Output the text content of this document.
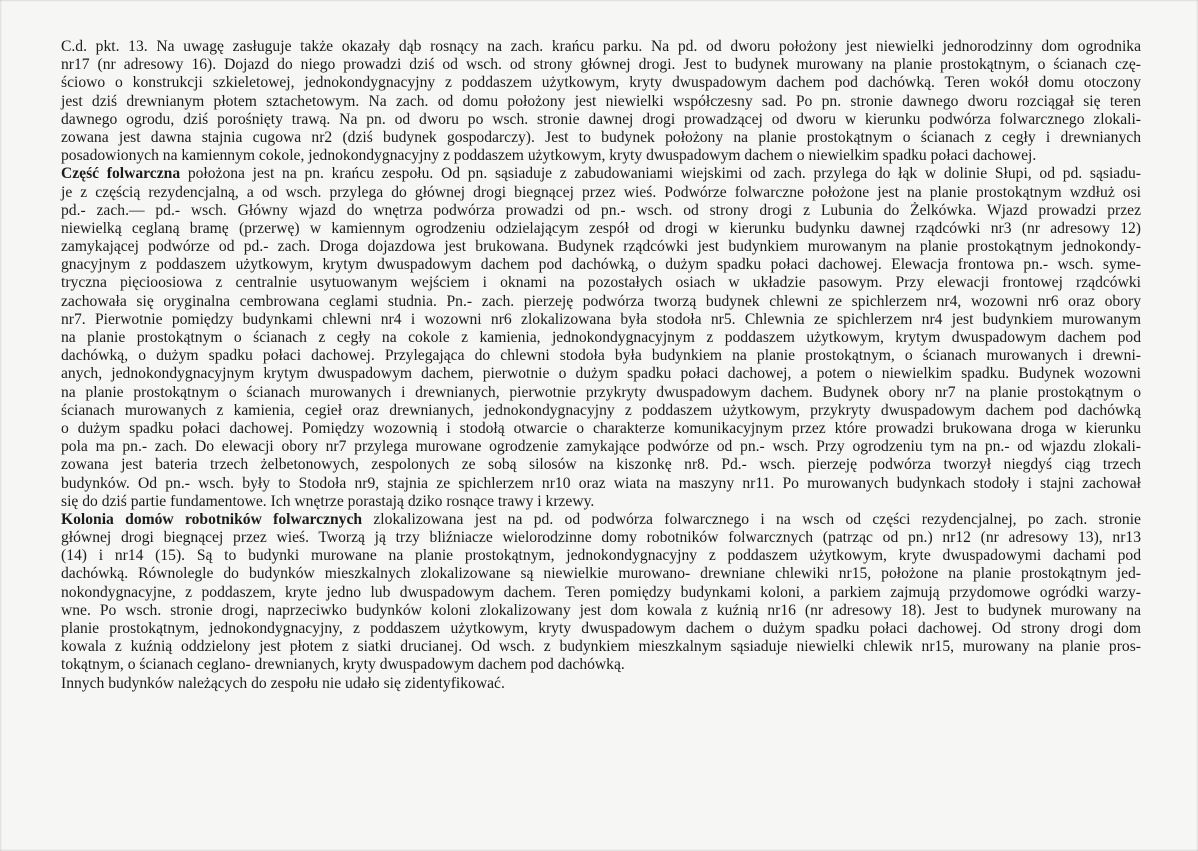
C.d. pkt. 13. Na uwagę zasługuje także okazały dąb rosnący na zach. krańcu parku. Na pd. od dworu położony jest niewielki jednorodzinny dom ogrodnika
nr17 (nr adresowy 16). Dojazd do niego prowadzi dziś od wsch. od strony głównej drogi. Jest to budynek murowany na planie prostokątnym, o ścianach czę-
ściowo o konstrukcji szkieletowej, jednokondygnacyjny z poddaszem użytkowym, kryty dwuspadowym dachem pod dachówką. Teren wokół domu otoczony
jest dziś drewnianym płotem sztachetowym. Na zach. od domu położony jest niewielki współczesny sad. Po pn. stronie dawnego dworu rozciągał się teren
dawnego ogrodu, dziś porośnięty trawą. Na pn. od dworu po wsch. stronie dawnej drogi prowadzącej od dworu w kierunku podwórza folwarcznego zlokali-
zowana jest dawna stajnia cugowa nr2 (dziś budynek gospodarczy). Jest to budynek położony na planie prostokątnym o ścianach z cegły i drewnianych
posadowionych na kamiennym cokole, jednokondygnacyjny z poddaszem użytkowym, kryty dwuspadowym dachem o niewielkim spadku połaci dachowej.
Część folwarczna położona jest na pn. krańcu zespołu. Od pn. sąsiaduje z zabudowaniami wiejskimi od zach. przylega do łąk w dolinie Słupi, od pd. sąsiadu-
je z częścią rezydencjalną, a od wsch. przylega do głównej drogi biegnącej przez wieś. Podwórze folwarczne położone jest na planie prostokątnym wzdłuż osi
pd.- zach.— pd.- wsch. Główny wjazd do wnętrza podwórza prowadzi od pn.- wsch. od strony drogi z Lubunia do Żelkówka. Wjazd prowadzi przez
niewielką ceglaną bramę (przerwę) w kamiennym ogrodzeniu odzielającym zespół od drogi w kierunku budynku dawnej rządcówki nr3 (nr adresowy 12)
zamykającej podwórze od pd.- zach. Droga dojazdowa jest brukowana. Budynek rządcówki jest budynkiem murowanym na planie prostokątnym jednokondy-
gnacyjnym z poddaszem użytkowym, krytym dwuspadowym dachem pod dachówką, o dużym spadku połaci dachowej. Elewacja frontowa pn.- wsch. syme-
tryczna pięcioosiowa z centralnie usytuowanym wejściem i oknami na pozostałych osiach w układzie pasowym. Przy elewacji frontowej rządcówki
zachowała się oryginalna cembrowana ceglami studnia. Pn.- zach. pierzeję podwórza tworzą budynek chlewni ze spichlerzem nr4, wozowni nr6 oraz obory
nr7. Pierwotnie pomiędzy budynkami chlewni nr4 i wozowni nr6 zlokalizowana była stodoła nr5. Chlewnia ze spichlerzem nr4 jest budynkiem murowanym
na planie prostokątnym o ścianach z cegły na cokole z kamienia, jednokondygnacyjnym z poddaszem użytkowym, krytym dwuspadowym dachem pod
dachówką, o dużym spadku połaci dachowej. Przylegająca do chlewni stodoła była budynkiem na planie prostokątnym, o ścianach murowanych i drewni-
anych, jednokondygnacyjnym krytym dwuspadowym dachem, pierwotnie o dużym spadku połaci dachowej, a potem o niewielkim spadku. Budynek wozowni
na planie prostokątnym o ścianach murowanych i drewnianych, pierwotnie przykryty dwuspadowym dachem. Budynek obory nr7 na planie prostokątnym o
ścianach murowanych z kamienia, cegieł oraz drewnianych, jednokondygnacyjny z poddaszem użytkowym, przykryty dwuspadowym dachem pod dachówką
o dużym spadku połaci dachowej. Pomiędzy wozownią i stodołą otwarcie o charakterze komunikacyjnym przez które prowadzi brukowana droga w kierunku
pola ma pn.- zach. Do elewacji obory nr7 przylega murowane ogrodzenie zamykające podwórze od pn.- wsch. Przy ogrodzeniu tym na pn.- od wjazdu zlokali-
zowana jest bateria trzech żelbetonowych, zespolonych ze sobą silosów na kiszonkę nr8. Pd.- wsch. pierzeję podwórza tworzył niegdyś ciąg trzech
budynków. Od pn.- wsch. były to Stodoła nr9, stajnia ze spichlerzem nr10 oraz wiata na maszyny nr11. Po murowanych budynkach stodoły i stajni zachował
się do dziś partie fundamentowe. Ich wnętrze porastają dziko rosnące trawy i krzewy.
Kolonia domów robotników folwarcznych zlokalizowana jest na pd. od podwórza folwarcznego i na wsch od części rezydencjalnej, po zach. stronie
głównej drogi biegnącej przez wieś. Tworzą ją trzy bliźniacze wielorodzinne domy robotników folwarcznych (patrząc od pn.) nr12 (nr adresowy 13), nr13
(14) i nr14 (15). Są to budynki murowane na planie prostokątnym, jednokondygnacyjny z poddaszem użytkowym, kryte dwuspadowymi dachami pod
dachówką. Równolegle do budynków mieszkalnych zlokalizowane są niewielkie murowano- drewniane chlewiki nr15, położone na planie prostokątnym jed-
nokondygnacyjne, z poddaszem, kryte jedno lub dwuspadowym dachem. Teren pomiędzy budynkami koloni, a parkiem zajmują przydomowe ogródki warzy-
wne. Po wsch. stronie drogi, naprzeciwko budynków koloni zlokalizowany jest dom kowala z kuźnią nr16 (nr adresowy 18). Jest to budynek murowany na
planie prostokątnym, jednokondygnacyjny, z poddaszem użytkowym, kryty dwuspadowym dachem o dużym spadku połaci dachowej. Od strony drogi dom
kowala z kuźnią oddzielony jest płotem z siatki drucianej. Od wsch. z budynkiem mieszkalnym sąsiaduje niewielki chlewik nr15, murowany na planie pros-
tokątnym, o ścianach ceglano- drewnianych, kryty dwuspadowym dachem pod dachówką.
Innych budynków należących do zespołu nie udało się zidentyfikować.
